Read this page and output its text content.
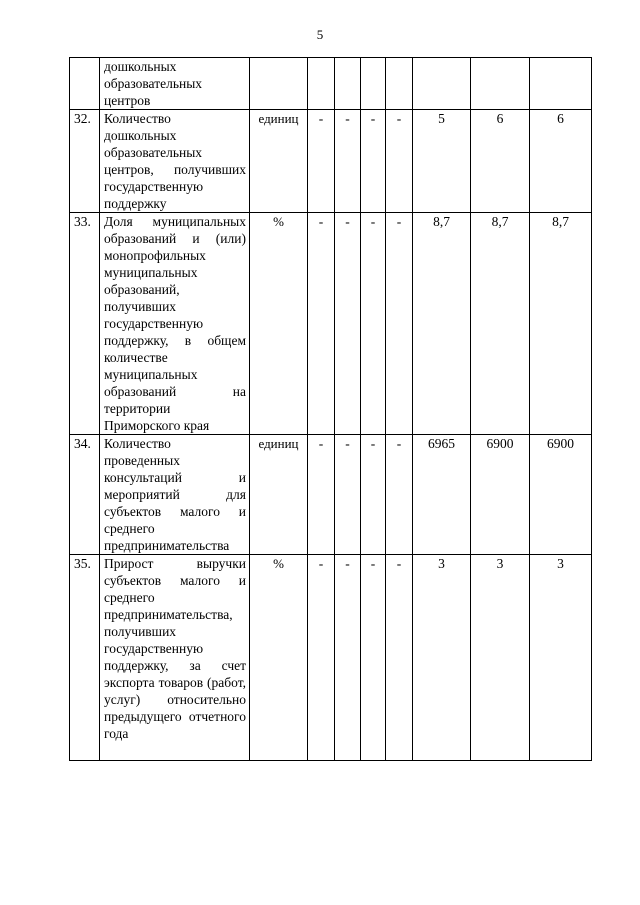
5

	дошкольных образовательных центров								

32.	Количество дошкольных образовательных центров, получивших государственную поддержку	единиц	-	-	-	-	5	6	6
33.	Доля муниципальных образований и (или) монопрофильных муниципальных образований, получивших государственную поддержку, в общем количестве муниципальных образований на территории Приморского края	%	-	-	-	-	8,7	8,7	8,7
34.	Количество проведенных консультаций и мероприятий для субъектов малого и среднего предпринимательства	единиц	-	-	-	-	6965	6900	6900
35.	Прирост выручки субъектов малого и среднего предпринимательства, получивших государственную поддержку, за счет экспорта товаров (работ, услуг) относительно предыдущего отчетного года	%	-	-	-	-	3	3	3
